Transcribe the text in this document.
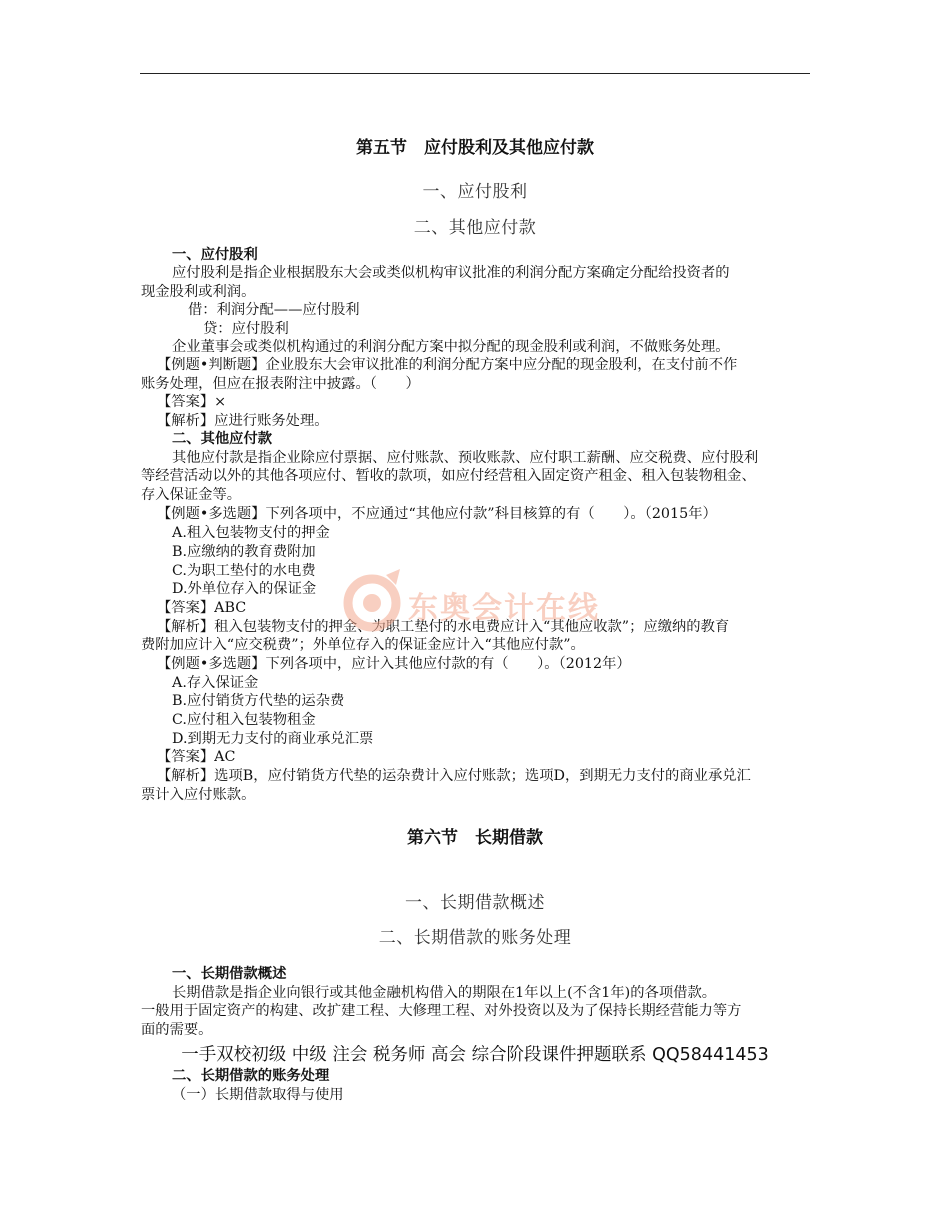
第五节　应付股利及其他应付款
一、应付股利
二、其他应付款
一、应付股利
应付股利是指企业根据股东大会或类似机构审议批准的利润分配方案确定分配给投资者的
现金股利或利润。
借：利润分配——应付股利
贷：应付股利
企业董事会或类似机构通过的利润分配方案中拟分配的现金股利或利润，不做账务处理。
【例题•判断题】企业股东大会审议批准的利润分配方案中应分配的现金股利，在支付前不作
账务处理，但应在报表附注中披露。（　　）
【答案】×
【解析】应进行账务处理。
二、其他应付款
其他应付款是指企业除应付票据、应付账款、预收账款、应付职工薪酬、应交税费、应付股利
等经营活动以外的其他各项应付、暂收的款项，如应付经营租入固定资产租金、租入包装物租金、
存入保证金等。
【例题•多选题】下列各项中，不应通过“其他应付款”科目核算的有（　　）。（2015年）
A.租入包装物支付的押金
B.应缴纳的教育费附加
C.为职工垫付的水电费
D.外单位存入的保证金
【答案】ABC
【解析】租入包装物支付的押金、为职工垫付的水电费应计入“其他应收款”；应缴纳的教育
费附加应计入“应交税费”；外单位存入的保证金应计入“其他应付款”。
【例题•多选题】下列各项中，应计入其他应付款的有（　　）。（2012年）
A.存入保证金
B.应付销货方代垫的运杂费
C.应付租入包装物租金
D.到期无力支付的商业承兑汇票
【答案】AC
【解析】选项B，应付销货方代垫的运杂费计入应付账款；选项D，到期无力支付的商业承兑汇
票计入应付账款。
第六节　长期借款
一、长期借款概述
二、长期借款的账务处理
一、长期借款概述
长期借款是指企业向银行或其他金融机构借入的期限在1年以上(不含1年)的各项借款。
一般用于固定资产的构建、改扩建工程、大修理工程、对外投资以及为了保持长期经营能力等方
面的需要。
一手双校初级 中级 注会 税务师 高会 综合阶段课件押题联系 QQ58441453
二、长期借款的账务处理
（一）长期借款取得与使用
东奥会计在线
